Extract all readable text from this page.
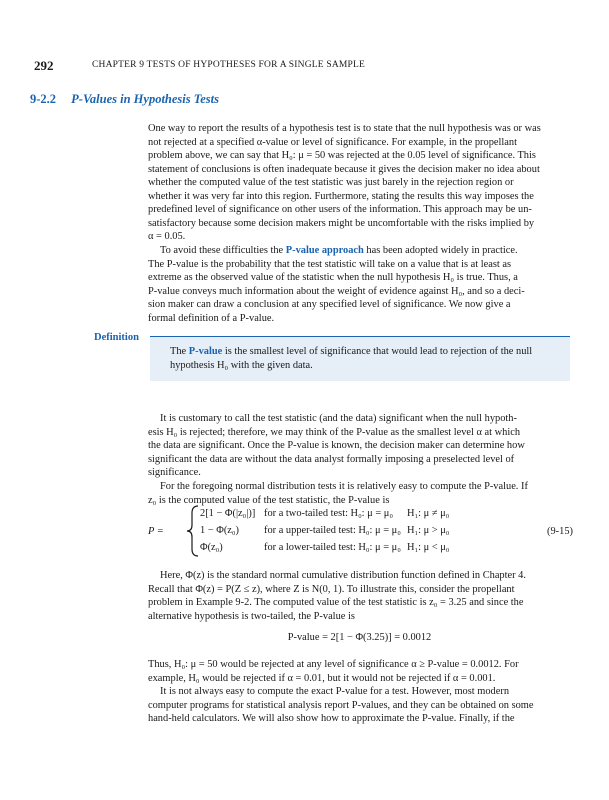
292	CHAPTER 9 TESTS OF HYPOTHESES FOR A SINGLE SAMPLE
9-2.2 P-Values in Hypothesis Tests
One way to report the results of a hypothesis test is to state that the null hypothesis was or was
not rejected at a specified α-value or level of significance. For example, in the propellant
problem above, we can say that H₀: μ = 50 was rejected at the 0.05 level of significance. This
statement of conclusions is often inadequate because it gives the decision maker no idea about
whether the computed value of the test statistic was just barely in the rejection region or
whether it was very far into this region. Furthermore, stating the results this way imposes the
predefined level of significance on other users of the information. This approach may be un-
satisfactory because some decision makers might be uncomfortable with the risks implied by
α = 0.05.
To avoid these difficulties the P-value approach has been adopted widely in practice.
The P-value is the probability that the test statistic will take on a value that is at least as
extreme as the observed value of the statistic when the null hypothesis H₀ is true. Thus, a
P-value conveys much information about the weight of evidence against H₀, and so a deci-
sion maker can draw a conclusion at any specified level of significance. We now give a
formal definition of a P-value.
Definition
The P-value is the smallest level of significance that would lead to rejection of the null hypothesis H₀ with the given data.
It is customary to call the test statistic (and the data) significant when the null hypoth-
esis H₀ is rejected; therefore, we may think of the P-value as the smallest level α at which
the data are significant. Once the P-value is known, the decision maker can determine how
significant the data are without the data analyst formally imposing a preselected level of
significance.
For the foregoing normal distribution tests it is relatively easy to compute the P-value. If
z₀ is the computed value of the test statistic, the P-value is
P =
2[1 − Φ(|z₀|)] for a two-tailed test: H₀: μ = μ₀ H₁: μ ≠ μ₀
1 − Φ(z₀) for a upper-tailed test: H₀: μ = μ₀ H₁: μ > μ₀
Φ(z₀)	for a lower-tailed test: H₀: μ = μ₀ H₁: μ < μ₀
(9-15)
Here, Φ(z) is the standard normal cumulative distribution function defined in Chapter 4.
Recall that Φ(z) = P(Z ≤ z), where Z is N(0, 1). To illustrate this, consider the propellant
problem in Example 9-2. The computed value of the test statistic is z₀ = 3.25 and since the
alternative hypothesis is two-tailed, the P-value is
P-value = 2[1 − Φ(3.25)] = 0.0012
Thus, H₀: μ = 50 would be rejected at any level of significance α ≥ P-value = 0.0012. For
example, H₀ would be rejected if α = 0.01, but it would not be rejected if α = 0.001.
It is not always easy to compute the exact P-value for a test. However, most modern
computer programs for statistical analysis report P-values, and they can be obtained on some
hand-held calculators. We will also show how to approximate the P-value. Finally, if the
